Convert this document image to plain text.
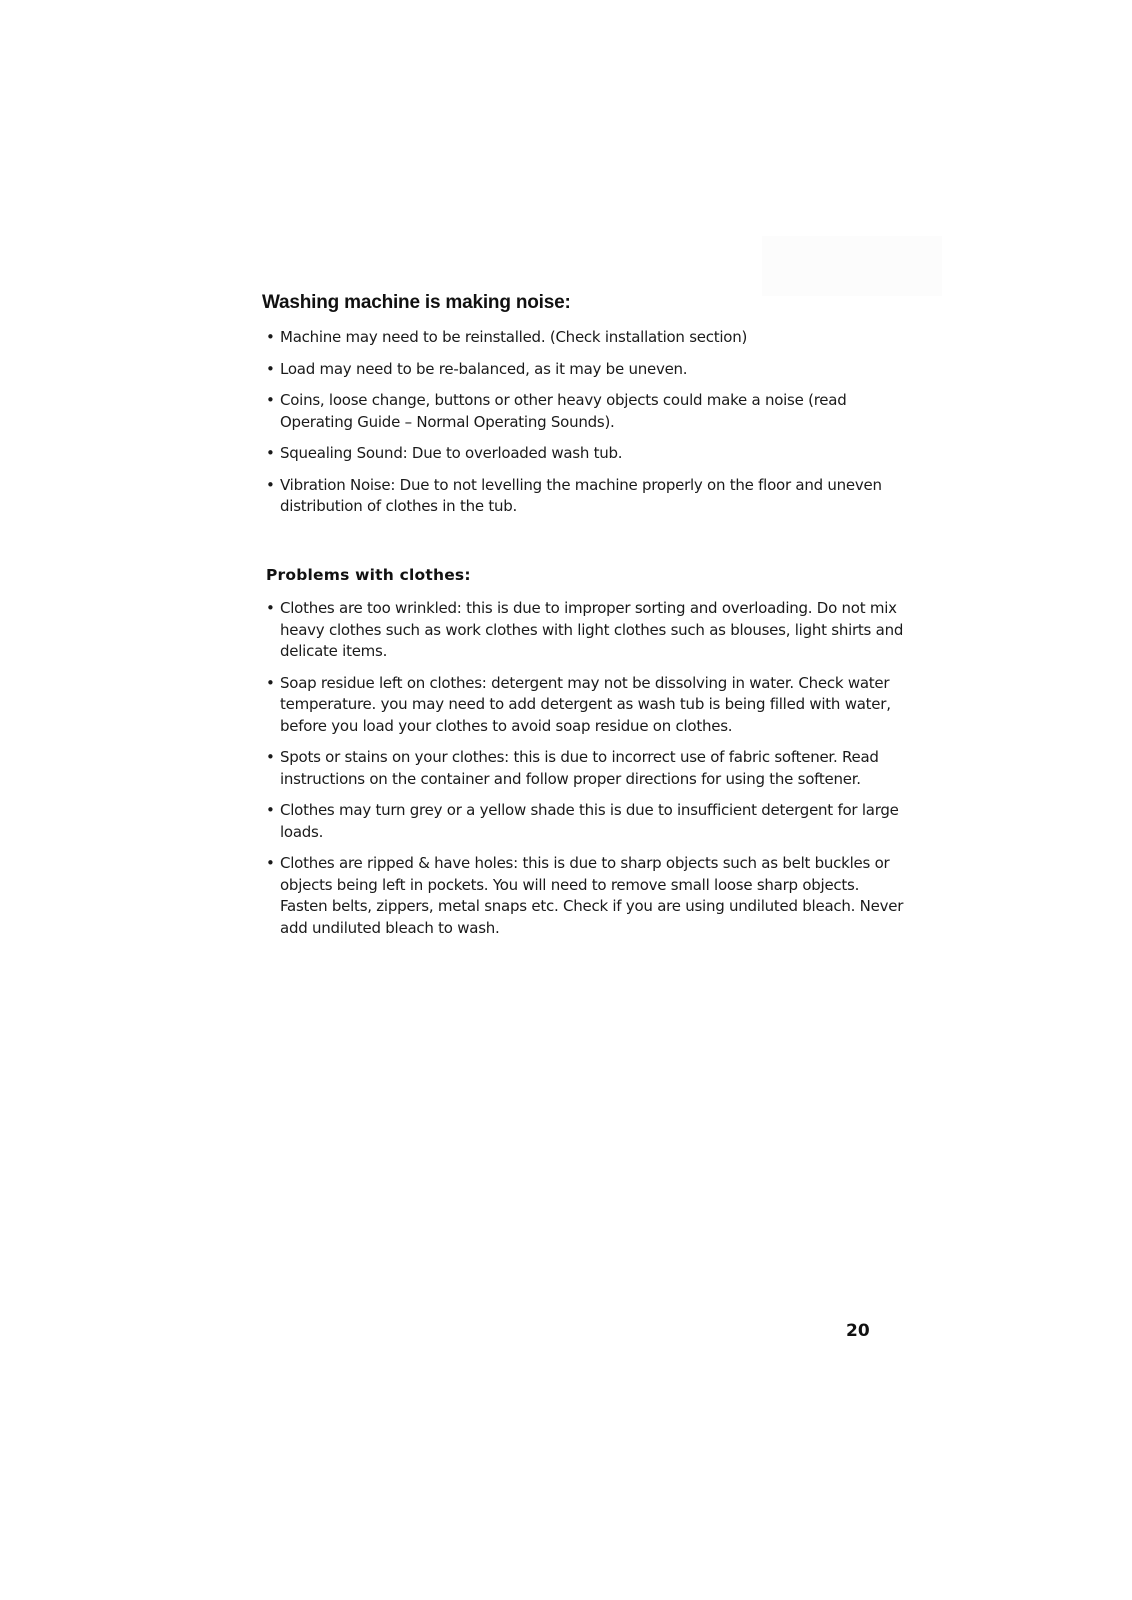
Washing machine is making noise:
• Machine may need to be reinstalled. (Check installation section)
• Load may need to be re-balanced, as it may be uneven.
• Coins, loose change, buttons or other heavy objects could make a noise (read Operating Guide – Normal Operating Sounds).
• Squealing Sound: Due to overloaded wash tub.
• Vibration Noise: Due to not levelling the machine properly on the floor and uneven distribution of clothes in the tub.
Problems with clothes:
• Clothes are too wrinkled: this is due to improper sorting and overloading. Do not mix heavy clothes such as work clothes with light clothes such as blouses, light shirts and delicate items.
• Soap residue left on clothes: detergent may not be dissolving in water. Check water temperature. you may need to add detergent as wash tub is being filled with water, before you load your clothes to avoid soap residue on clothes.
• Spots or stains on your clothes: this is due to incorrect use of fabric softener. Read instructions on the container and follow proper directions for using the softener.
• Clothes may turn grey or a yellow shade this is due to insufficient detergent for large loads.
• Clothes are ripped & have holes: this is due to sharp objects such as belt buckles or objects being left in pockets. You will need to remove small loose sharp objects. Fasten belts, zippers, metal snaps etc. Check if you are using undiluted bleach. Never add undiluted bleach to wash.
20
